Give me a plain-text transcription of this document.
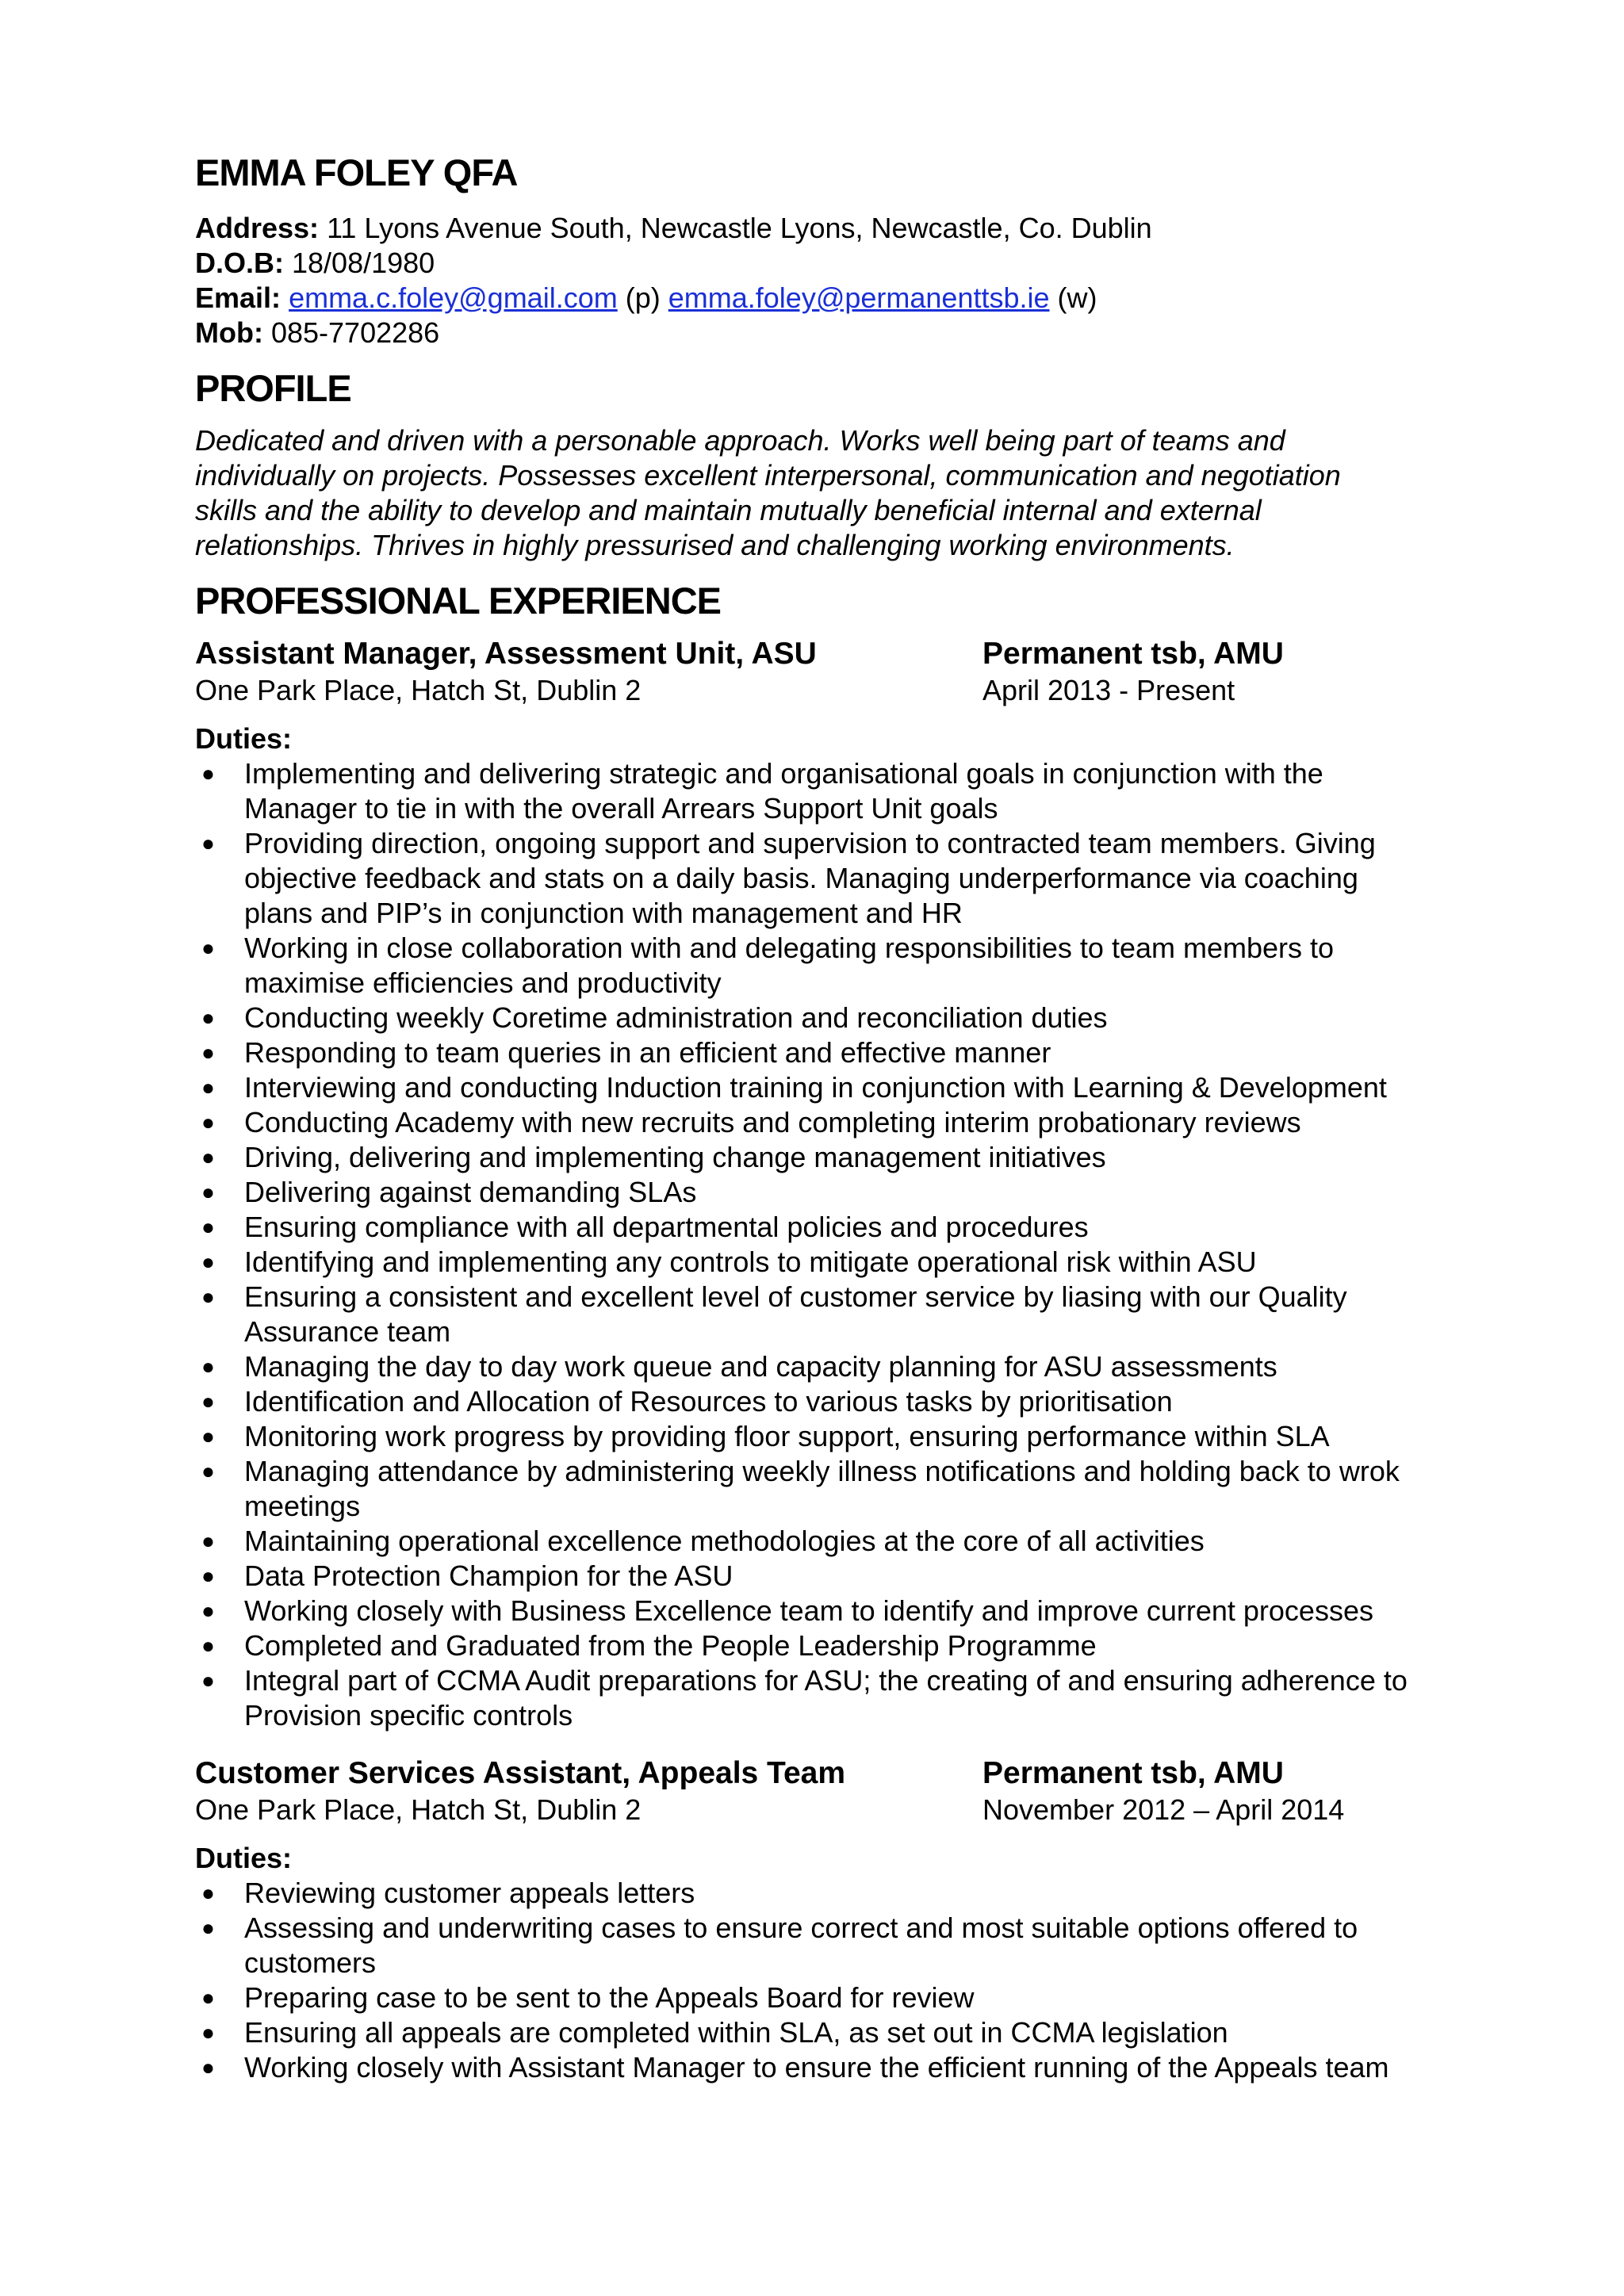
EMMA FOLEY QFA
Address: 11 Lyons Avenue South, Newcastle Lyons, Newcastle, Co. Dublin
D.O.B: 18/08/1980
Email: emma.c.foley@gmail.com (p) emma.foley@permanenttsb.ie (w)
Mob: 085-7702286
PROFILE
Dedicated and driven with a personable approach. Works well being part of teams and
individually on projects. Possesses excellent interpersonal, communication and negotiation
skills and the ability to develop and maintain mutually beneficial internal and external
relationships. Thrives in highly pressurised and challenging working environments.
PROFESSIONAL EXPERIENCE
Assistant Manager, Assessment Unit, ASU	Permanent tsb, AMU
One Park Place, Hatch St, Dublin 2	April 2013 - Present
Duties:
● Implementing and delivering strategic and organisational goals in conjunction with the
Manager to tie in with the overall Arrears Support Unit goals
● Providing direction, ongoing support and supervision to contracted team members. Giving
objective feedback and stats on a daily basis. Managing underperformance via coaching
plans and PIP’s in conjunction with management and HR
● Working in close collaboration with and delegating responsibilities to team members to
maximise efficiencies and productivity
● Conducting weekly Coretime administration and reconciliation duties
● Responding to team queries in an efficient and effective manner
● Interviewing and conducting Induction training in conjunction with Learning & Development
● Conducting Academy with new recruits and completing interim probationary reviews
● Driving, delivering and implementing change management initiatives
● Delivering against demanding SLAs
● Ensuring compliance with all departmental policies and procedures
● Identifying and implementing any controls to mitigate operational risk within ASU
● Ensuring a consistent and excellent level of customer service by liasing with our Quality
Assurance team
● Managing the day to day work queue and capacity planning for ASU assessments
● Identification and Allocation of Resources to various tasks by prioritisation
● Monitoring work progress by providing floor support, ensuring performance within SLA
● Managing attendance by administering weekly illness notifications and holding back to wrok
meetings
● Maintaining operational excellence methodologies at the core of all activities
● Data Protection Champion for the ASU
● Working closely with Business Excellence team to identify and improve current processes
● Completed and Graduated from the People Leadership Programme
● Integral part of CCMA Audit preparations for ASU; the creating of and ensuring adherence to
Provision specific controls
Customer Services Assistant, Appeals Team	Permanent tsb, AMU
One Park Place, Hatch St, Dublin 2	November 2012 – April 2014
Duties:
● Reviewing customer appeals letters
● Assessing and underwriting cases to ensure correct and most suitable options offered to
customers
● Preparing case to be sent to the Appeals Board for review
● Ensuring all appeals are completed within SLA, as set out in CCMA legislation
● Working closely with Assistant Manager to ensure the efficient running of the Appeals team
